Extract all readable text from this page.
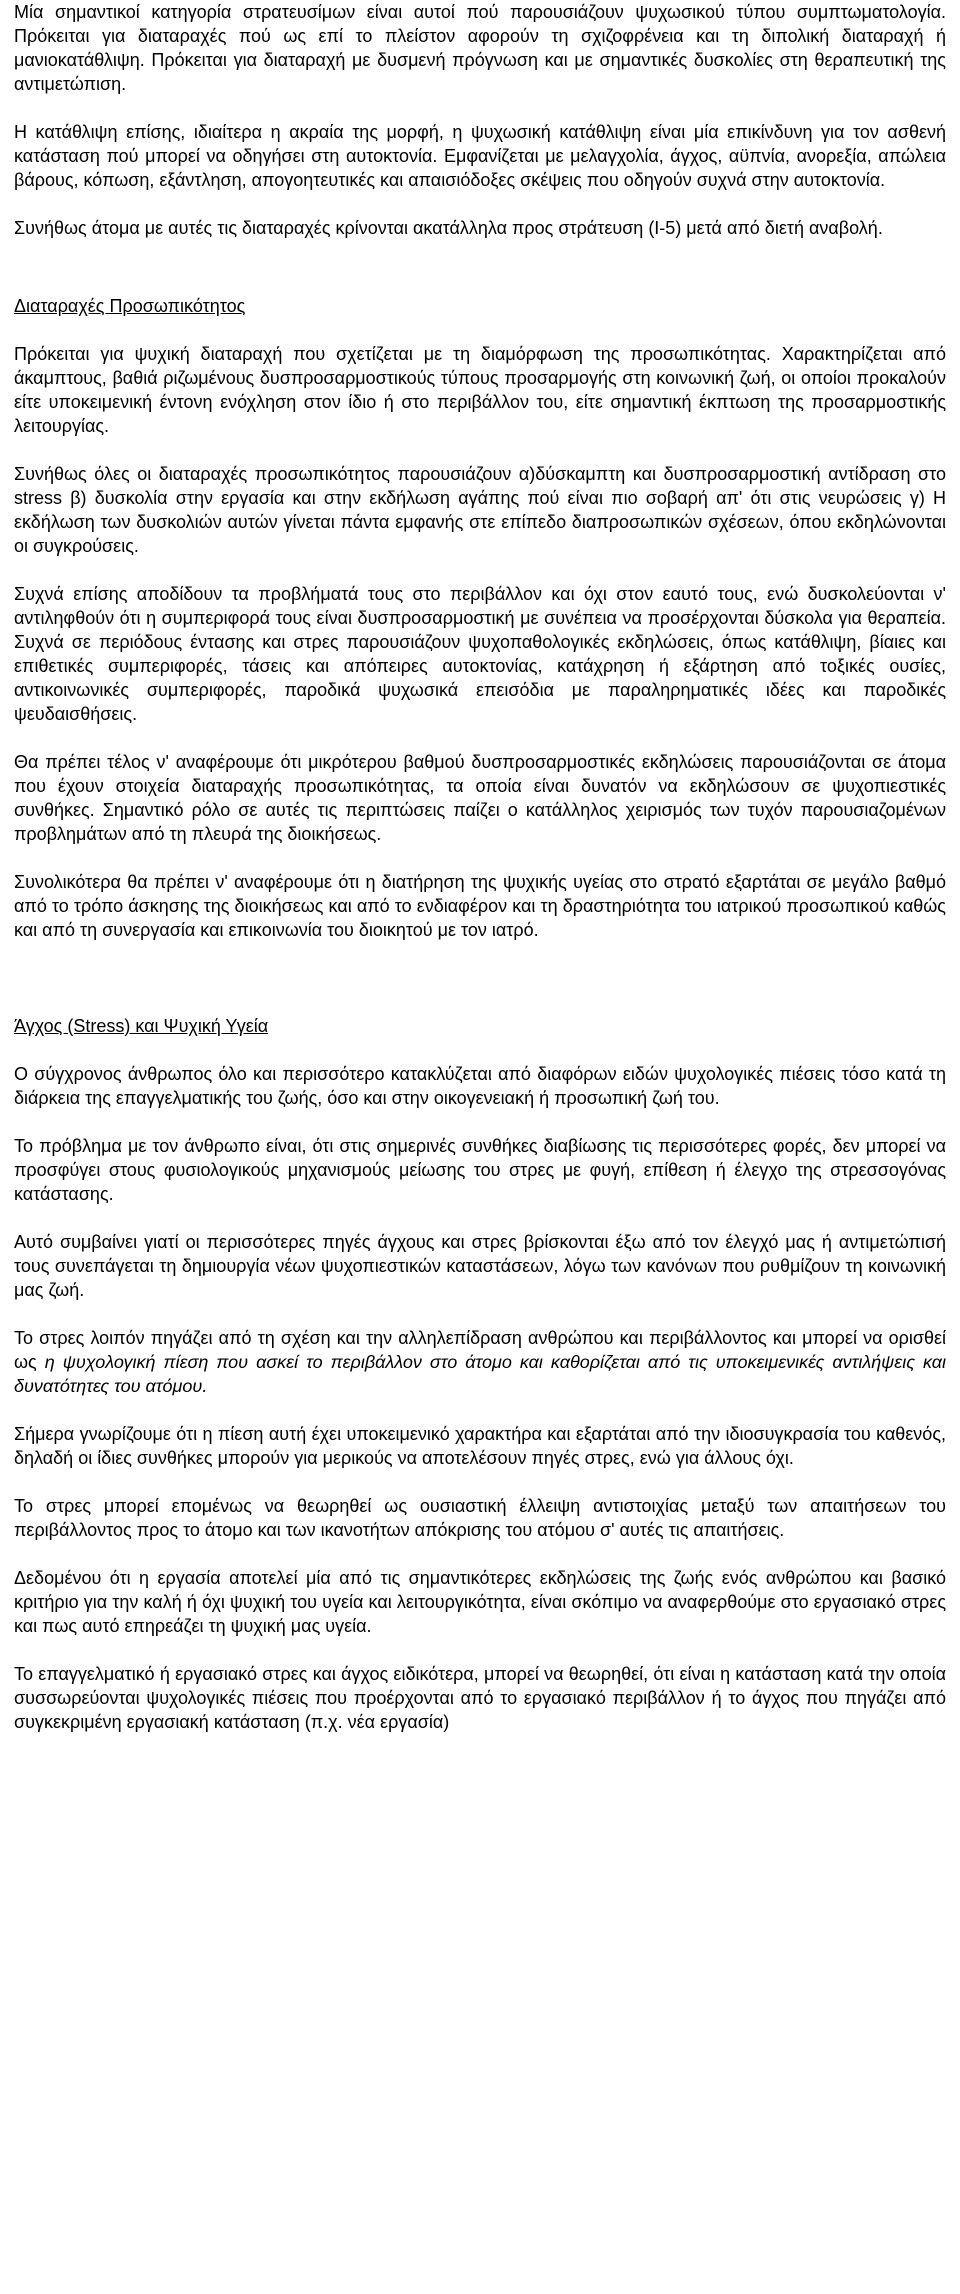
Μία σημαντικοί κατηγορία στρατευσίμων είναι αυτοί πού παρουσιάζουν ψυχωσικού τύπου συμπτωματολογία. Πρόκειται για διαταραχές πού ως επί το πλείστον αφορούν τη σχιζοφρένεια και τη διπολική διαταραχή ή μανιοκατάθλιψη. Πρόκειται για διαταραχή με δυσμενή πρόγνωση και με σημαντικές δυσκολίες στη θεραπευτική της αντιμετώπιση.

Η κατάθλιψη επίσης, ιδιαίτερα η ακραία της μορφή, η ψυχωσική κατάθλιψη είναι μία επικίνδυνη για τον ασθενή κατάσταση πού μπορεί να οδηγήσει στη αυτοκτονία. Εμφανίζεται με μελαγχολία, άγχος, αϋπνία, ανορεξία, απώλεια βάρους, κόπωση, εξάντληση, απογοητευτικές και απαισιόδοξες σκέψεις που οδηγούν συχνά στην αυτοκτονία.

Συνήθως άτομα με αυτές τις διαταραχές κρίνονται ακατάλληλα προς στράτευση (Ι-5) μετά από διετή αναβολή.

Διαταραχές Προσωπικότητος

Πρόκειται για ψυχική διαταραχή που σχετίζεται με τη διαμόρφωση της προσωπικότητας. Χαρακτηρίζεται από άκαμπτους, βαθιά ριζωμένους δυσπροσαρμοστικούς τύπους προσαρμογής στη κοινωνική ζωή, οι οποίοι προκαλούν είτε υποκειμενική έντονη ενόχληση στον ίδιο ή στο περιβάλλον του, είτε σημαντική έκπτωση της προσαρμοστικής λειτουργίας.

Συνήθως όλες οι διαταραχές προσωπικότητος παρουσιάζουν α)δύσκαμπτη και δυσπροσαρμοστική αντίδραση στο stress β) δυσκολία στην εργασία και στην εκδήλωση αγάπης πού είναι πιο σοβαρή απ' ότι στις νευρώσεις γ) Η εκδήλωση των δυσκολιών αυτών γίνεται πάντα εμφανής στε επίπεδο διαπροσωπικών σχέσεων, όπου εκδηλώνονται οι συγκρούσεις.

Συχνά επίσης αποδίδουν τα προβλήματά τους στο περιβάλλον και όχι στον εαυτό τους, ενώ δυσκολεύονται ν' αντιληφθούν ότι η συμπεριφορά τους είναι δυσπροσαρμοστική με συνέπεια να προσέρχονται δύσκολα για θεραπεία. Συχνά σε περιόδους έντασης και στρες παρουσιάζουν ψυχοπαθολογικές εκδηλώσεις, όπως κατάθλιψη, βίαιες και επιθετικές συμπεριφορές, τάσεις και απόπειρες αυτοκτονίας, κατάχρηση ή εξάρτηση από τοξικές ουσίες, αντικοινωνικές συμπεριφορές, παροδικά ψυχωσικά επεισόδια με παραληρηματικές ιδέες και παροδικές ψευδαισθήσεις.

Θα πρέπει τέλος ν' αναφέρουμε ότι μικρότερου βαθμού δυσπροσαρμοστικές εκδηλώσεις παρουσιάζονται σε άτομα που έχουν στοιχεία διαταραχής προσωπικότητας, τα οποία είναι δυνατόν να εκδηλώσουν σε ψυχοπιεστικές συνθήκες. Σημαντικό ρόλο σε αυτές τις περιπτώσεις παίζει ο κατάλληλος χειρισμός των τυχόν παρουσιαζομένων προβλημάτων από τη πλευρά της διοικήσεως.

Συνολικότερα θα πρέπει ν' αναφέρουμε ότι η διατήρηση της ψυχικής υγείας στο στρατό εξαρτάται σε μεγάλο βαθμό από το τρόπο άσκησης της διοικήσεως και από το ενδιαφέρον και τη δραστηριότητα του ιατρικού προσωπικού καθώς και από τη συνεργασία και επικοινωνία του διοικητού με τον ιατρό.

Άγχος (Stress) και Ψυχική Υγεία

Ο σύγχρονος άνθρωπος όλο και περισσότερο κατακλύζεται από διαφόρων ειδών ψυχολογικές πιέσεις τόσο κατά τη διάρκεια της επαγγελματικής του ζωής, όσο και στην οικογενειακή ή προσωπική ζωή του.

Το πρόβλημα με τον άνθρωπο είναι, ότι στις σημερινές συνθήκες διαβίωσης τις περισσότερες φορές, δεν μπορεί να προσφύγει στους φυσιολογικούς μηχανισμούς μείωσης του στρες με φυγή, επίθεση ή έλεγχο της στρεσσογόνας κατάστασης.

Αυτό συμβαίνει γιατί οι περισσότερες πηγές άγχους και στρες βρίσκονται έξω από τον έλεγχό μας ή αντιμετώπισή τους συνεπάγεται τη δημιουργία νέων ψυχοπιεστικών καταστάσεων, λόγω των κανόνων που ρυθμίζουν τη κοινωνική μας ζωή.

Το στρες λοιπόν πηγάζει από τη σχέση και την αλληλεπίδραση ανθρώπου και περιβάλλοντος και μπορεί να ορισθεί ως η ψυχολογική πίεση που ασκεί το περιβάλλον στο άτομο και καθορίζεται από τις υποκειμενικές αντιλήψεις και δυνατότητες του ατόμου.

Σήμερα γνωρίζουμε ότι η πίεση αυτή έχει υποκειμενικό χαρακτήρα και εξαρτάται από την ιδιοσυγκρασία του καθενός, δηλαδή οι ίδιες συνθήκες μπορούν για μερικούς να αποτελέσουν πηγές στρες, ενώ για άλλους όχι.

Το στρες μπορεί επομένως να θεωρηθεί ως ουσιαστική έλλειψη αντιστοιχίας μεταξύ των απαιτήσεων του περιβάλλοντος προς το άτομο και των ικανοτήτων απόκρισης του ατόμου σ' αυτές τις απαιτήσεις.

Δεδομένου ότι η εργασία αποτελεί μία από τις σημαντικότερες εκδηλώσεις της ζωής ενός ανθρώπου και βασικό κριτήριο για την καλή ή όχι ψυχική του υγεία και λειτουργικότητα, είναι σκόπιμο να αναφερθούμε στο εργασιακό στρες και πως αυτό επηρεάζει τη ψυχική μας υγεία.

Το επαγγελματικό ή εργασιακό στρες και άγχος ειδικότερα, μπορεί να θεωρηθεί, ότι είναι η κατάσταση κατά την οποία συσσωρεύονται ψυχολογικές πιέσεις που προέρχονται από το εργασιακό περιβάλλον ή το άγχος που πηγάζει από συγκεκριμένη εργασιακή κατάσταση (π.χ. νέα εργασία)
